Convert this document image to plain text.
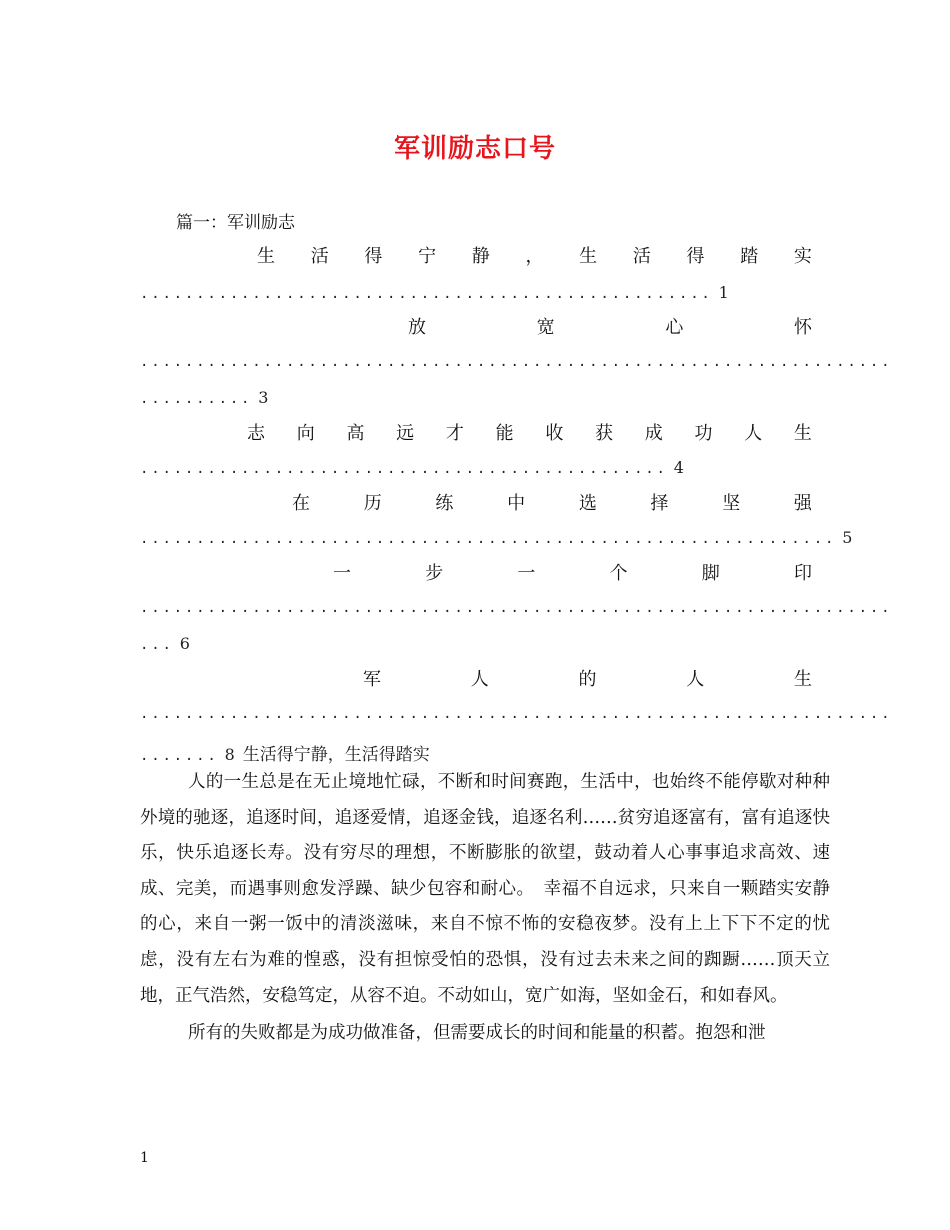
军训励志口号
篇一：军训励志
生 活 得 宁 静 ， 生 活 得 踏 实
................................................... 1
放	宽	心	怀
...................................................................
.......... 3
志 向 高 远 才 能 收 获 成 功 人 生
............................................... 4
在	历	练	中	选	择	坚	强
.............................................................. 5
一	步	一	个	脚	印
...................................................................
... 6
军	人	的	人	生
...................................................................
....... 8 生活得宁静，生活得踏实

人的一生总是在无止境地忙碌，不断和时间赛跑，生活中，也始终不能停歇对种种外境的驰逐，追逐时间，追逐爱情，追逐金钱，追逐名利……贫穷追逐富有，富有追逐快乐，快乐追逐长寿。没有穷尽的理想，不断膨胀的欲望，鼓动着人心事事追求高效、速成、完美，而遇事则愈发浮躁、缺少包容和耐心。　幸福不自远求，只来自一颗踏实安静的心，来自一粥一饭中的清淡滋味，来自不惊不怖的安稳夜梦。没有上上下下不定的忧虑，没有左右为难的惶惑，没有担惊受怕的恐惧，没有过去未来之间的踟蹰……顶天立地，正气浩然，安稳笃定，从容不迫。不动如山，宽广如海，坚如金石，和如春风。

所有的失败都是为成功做准备，但需要成长的时间和能量的积蓄。抱怨和泄

1
